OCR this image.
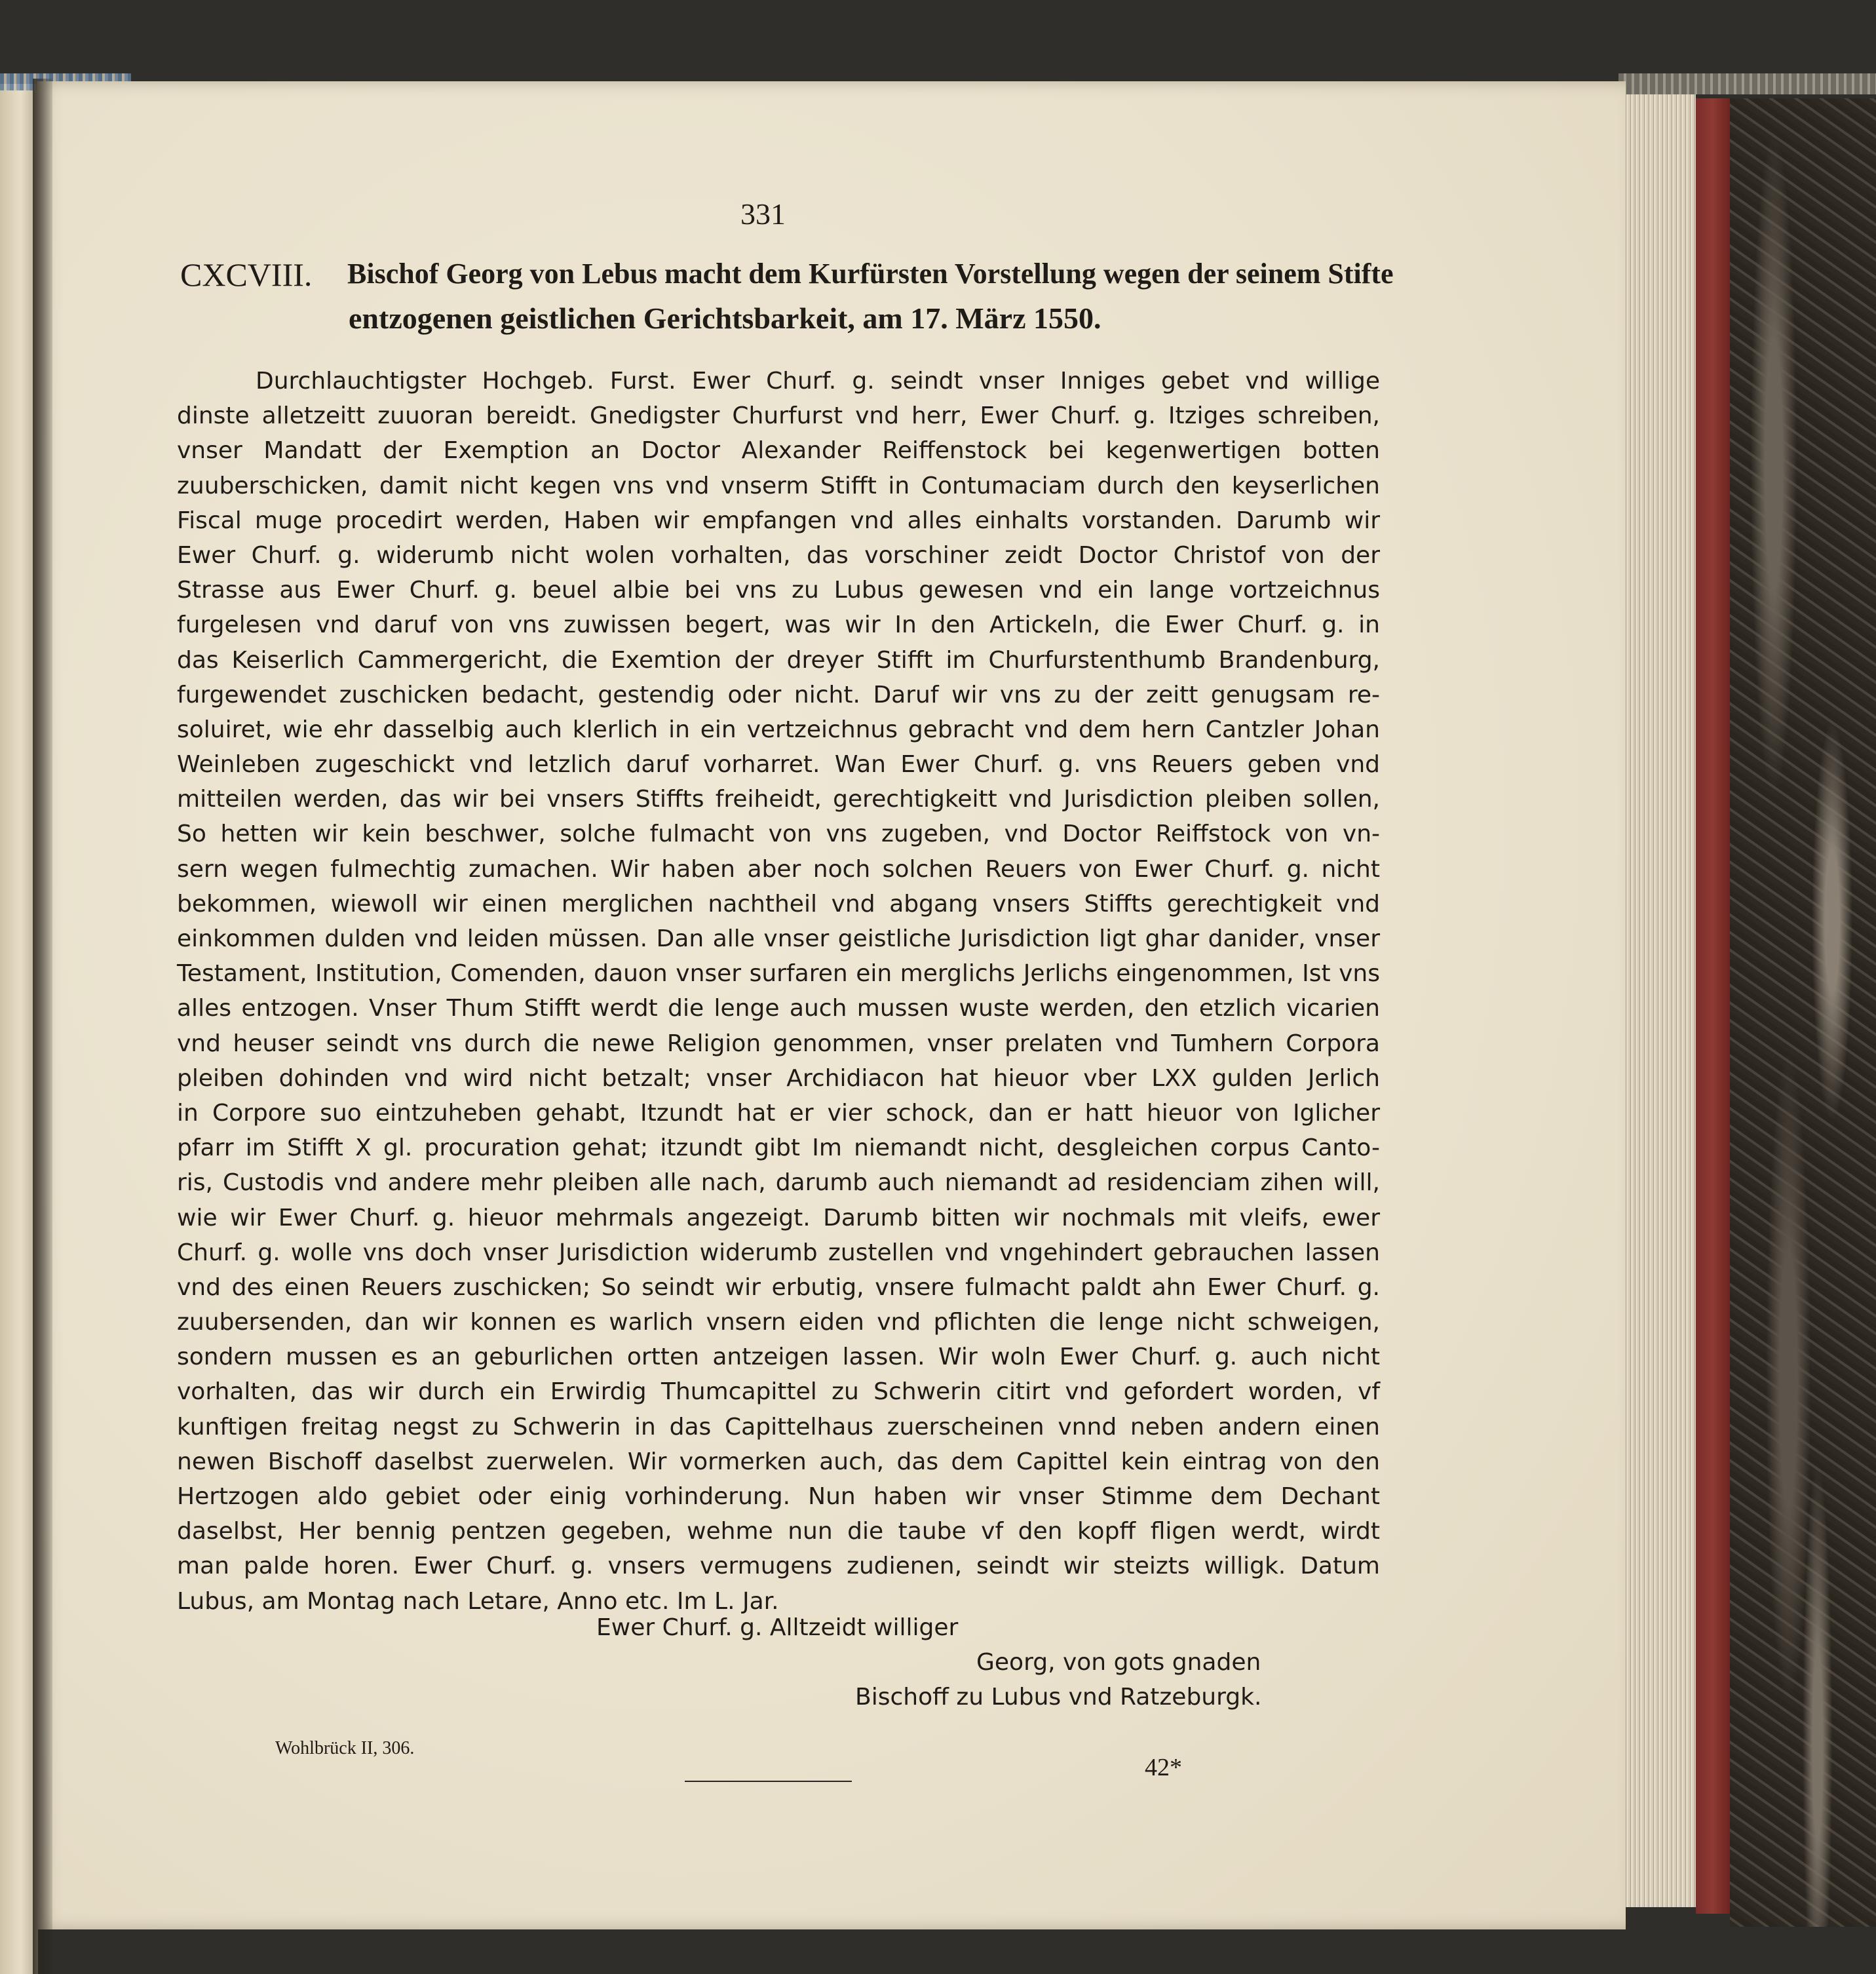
331
CXCVIII. Bischof Georg von Lebus macht dem Kurfürsten Vorstellung wegen der seinem Stifte
entzogenen geistlichen Gerichtsbarkeit, am 17. März 1550.
Durchlauchtigster Hochgeb. Furst. Ewer Churf. g. seindt vnser Inniges gebet vnd willige
dinste alletzeitt zuuoran bereidt. Gnedigster Churfurst vnd herr, Ewer Churf. g. Itziges schreiben,
vnser Mandatt der Exemption an Doctor Alexander Reiffenstock bei kegenwertigen botten
zuuberschicken, damit nicht kegen vns vnd vnserm Stifft in Contumaciam durch den keyserlichen
Fiscal muge procedirt werden, Haben wir empfangen vnd alles einhalts vorstanden. Darumb wir
Ewer Churf. g. widerumb nicht wolen vorhalten, das vorschiner zeidt Doctor Christof von der
Strasse aus Ewer Churf. g. beuel albie bei vns zu Lubus gewesen vnd ein lange vortzeichnus
furgelesen vnd daruf von vns zuwissen begert, was wir In den Artickeln, die Ewer Churf. g. in
das Keiserlich Cammergericht, die Exemtion der dreyer Stifft im Churfurstenthumb Brandenburg,
furgewendet zuschicken bedacht, gestendig oder nicht. Daruf wir vns zu der zeitt genugsam re-
soluiret, wie ehr dasselbig auch klerlich in ein vertzeichnus gebracht vnd dem hern Cantzler Johan
Weinleben zugeschickt vnd letzlich daruf vorharret. Wan Ewer Churf. g. vns Reuers geben vnd
mitteilen werden, das wir bei vnsers Stiffts freiheidt, gerechtigkeitt vnd Jurisdiction pleiben sollen,
So hetten wir kein beschwer, solche fulmacht von vns zugeben, vnd Doctor Reiffstock von vn-
sern wegen fulmechtig zumachen. Wir haben aber noch solchen Reuers von Ewer Churf. g. nicht
bekommen, wiewoll wir einen merglichen nachtheil vnd abgang vnsers Stiffts gerechtigkeit vnd
einkommen dulden vnd leiden müssen. Dan alle vnser geistliche Jurisdiction ligt ghar danider, vnser
Testament, Institution, Comenden, dauon vnser surfaren ein merglichs Jerlichs eingenommen, Ist vns
alles entzogen. Vnser Thum Stifft werdt die lenge auch mussen wuste werden, den etzlich vicarien
vnd heuser seindt vns durch die newe Religion genommen, vnser prelaten vnd Tumhern Corpora
pleiben dohinden vnd wird nicht betzalt; vnser Archidiacon hat hieuor vber LXX gulden Jerlich
in Corpore suo eintzuheben gehabt, Itzundt hat er vier schock, dan er hatt hieuor von Iglicher
pfarr im Stifft X gl. procuration gehat; itzundt gibt Im niemandt nicht, desgleichen corpus Canto-
ris, Custodis vnd andere mehr pleiben alle nach, darumb auch niemandt ad residenciam zihen will,
wie wir Ewer Churf. g. hieuor mehrmals angezeigt. Darumb bitten wir nochmals mit vleifs, ewer
Churf. g. wolle vns doch vnser Jurisdiction widerumb zustellen vnd vngehindert gebrauchen lassen
vnd des einen Reuers zuschicken; So seindt wir erbutig, vnsere fulmacht paldt ahn Ewer Churf. g.
zuubersenden, dan wir konnen es warlich vnsern eiden vnd pflichten die lenge nicht schweigen,
sondern mussen es an geburlichen ortten antzeigen lassen. Wir woln Ewer Churf. g. auch nicht
vorhalten, das wir durch ein Erwirdig Thumcapittel zu Schwerin citirt vnd gefordert worden, vf
kunftigen freitag negst zu Schwerin in das Capittelhaus zuerscheinen vnnd neben andern einen
newen Bischoff daselbst zuerwelen. Wir vormerken auch, das dem Capittel kein eintrag von den
Hertzogen aldo gebiet oder einig vorhinderung. Nun haben wir vnser Stimme dem Dechant
daselbst, Her bennig pentzen gegeben, wehme nun die taube vf den kopff fligen werdt, wirdt
man palde horen. Ewer Churf. g. vnsers vermugens zudienen, seindt wir steizts willigk. Datum
Lubus, am Montag nach Letare, Anno etc. Im L. Jar.
Ewer Churf. g. Alltzeidt williger
Georg, von gots gnaden
Bischoff zu Lubus vnd Ratzeburgk.
Wohlbrück II, 306.
42*
